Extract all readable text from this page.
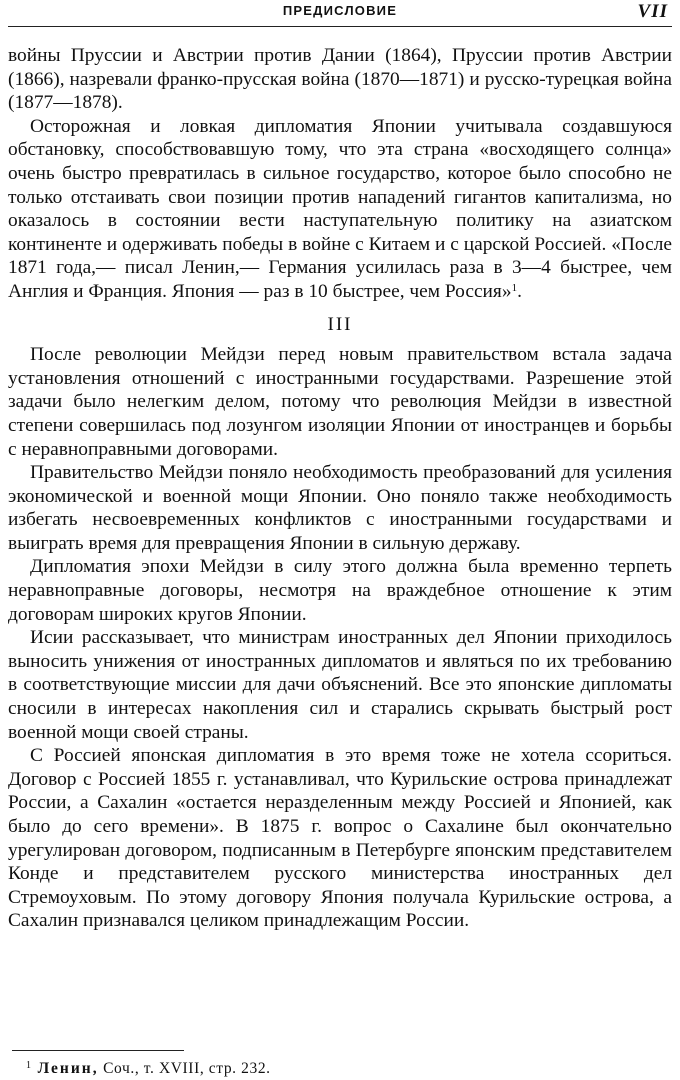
ПРЕДИСЛОВИЕ	VII

войны Пруссии и Австрии против Дании (1864), Пруссии против Австрии (1866), назревали франко-прусская война (1870—1871) и русско-турецкая война (1877—1878).

Осторожная и ловкая дипломатия Японии учитывала создавшуюся обстановку, способствовавшую тому, что эта страна «восходящего солнца» очень быстро превратилась в сильное государство, которое было способно не только отстаивать свои позиции против нападений гигантов капитализма, но оказалось в состоянии вести наступательную политику на азиатском континенте и одерживать победы в войне с Китаем и с царской Россией. «После 1871 года,— писал Ленин,— Германия усилилась раза в 3—4 быстрее, чем Англия и Франция. Япония — раз в 10 быстрее, чем Россия»$^1$.

III

После революции Мейдзи перед новым правительством встала задача установления отношений с иностранными государствами. Разрешение этой задачи было нелегким делом, потому что революция Мейдзи в известной степени совершилась под лозунгом изоляции Японии от иностранцев и борьбы с неравноправными договорами.

Правительство Мейдзи поняло необходимость преобразований для усиления экономической и военной мощи Японии. Оно поняло также необходимость избегать несвоевременных конфликтов с иностранными государствами и выиграть время для превращения Японии в сильную державу.

Дипломатия эпохи Мейдзи в силу этого должна была временно терпеть неравноправные договоры, несмотря на враждебное отношение к этим договорам широких кругов Японии.

Исии рассказывает, что министрам иностранных дел Японии приходилось выносить унижения от иностранных дипломатов и являться по их требованию в соответствующие миссии для дачи объяснений. Все это японские дипломаты сносили в интересах накопления сил и старались скрывать быстрый рост военной мощи своей страны.

С Россией японская дипломатия в это время тоже не хотела ссориться. Договор с Россией 1855 г. устанавливал, что Курильские острова принадлежат России, а Сахалин «остается неразделенным между Россией и Японией, как было до сего времени». В 1875 г. вопрос о Сахалине был окончательно урегулирован договором, подписанным в Петербурге японским представителем Конде и представителем русского министерства иностранных дел Стремоуховым. По этому договору Япония получала Курильские острова, а Сахалин признавался целиком принадлежащим России.

$^1$ Ленин, Соч., т. XVIII, стр. 232.
